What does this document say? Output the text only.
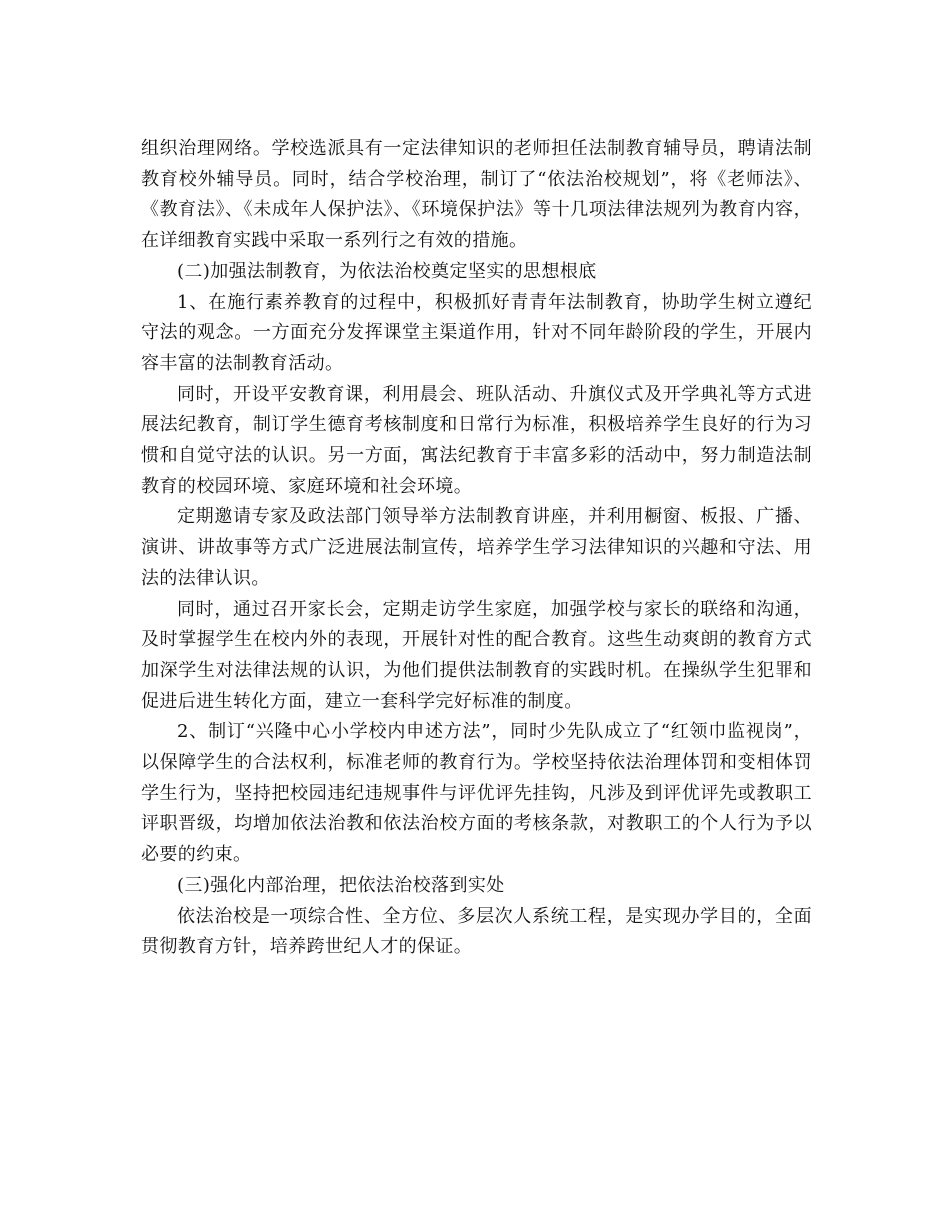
组织治理网络。学校选派具有一定法律知识的老师担任法制教育辅导员，聘请法制教育校外辅导员。同时，结合学校治理，制订了“依法治校规划”，将《老师法》、《教育法》、《未成年人保护法》、《环境保护法》等十几项法律法规列为教育内容，在详细教育实践中采取一系列行之有效的措施。

(二)加强法制教育，为依法治校奠定坚实的思想根底

1、在施行素养教育的过程中，积极抓好青青年法制教育，协助学生树立遵纪守法的观念。一方面充分发挥课堂主渠道作用，针对不同年龄阶段的学生，开展内容丰富的法制教育活动。

同时，开设平安教育课，利用晨会、班队活动、升旗仪式及开学典礼等方式进展法纪教育，制订学生德育考核制度和日常行为标准，积极培养学生良好的行为习惯和自觉守法的认识。另一方面，寓法纪教育于丰富多彩的活动中，努力制造法制教育的校园环境、家庭环境和社会环境。

定期邀请专家及政法部门领导举方法制教育讲座，并利用橱窗、板报、广播、演讲、讲故事等方式广泛进展法制宣传，培养学生学习法律知识的兴趣和守法、用法的法律认识。

同时，通过召开家长会，定期走访学生家庭，加强学校与家长的联络和沟通，及时掌握学生在校内外的表现，开展针对性的配合教育。这些生动爽朗的教育方式加深学生对法律法规的认识，为他们提供法制教育的实践时机。在操纵学生犯罪和促进后进生转化方面，建立一套科学完好标准的制度。

2、制订“兴隆中心小学校内申述方法”，同时少先队成立了“红领巾监视岗”，以保障学生的合法权利，标准老师的教育行为。学校坚持依法治理体罚和变相体罚学生行为，坚持把校园违纪违规事件与评优评先挂钩，凡涉及到评优评先或教职工评职晋级，均增加依法治教和依法治校方面的考核条款，对教职工的个人行为予以必要的约束。

(三)强化内部治理，把依法治校落到实处

依法治校是一项综合性、全方位、多层次人系统工程，是实现办学目的，全面贯彻教育方针，培养跨世纪人才的保证。
